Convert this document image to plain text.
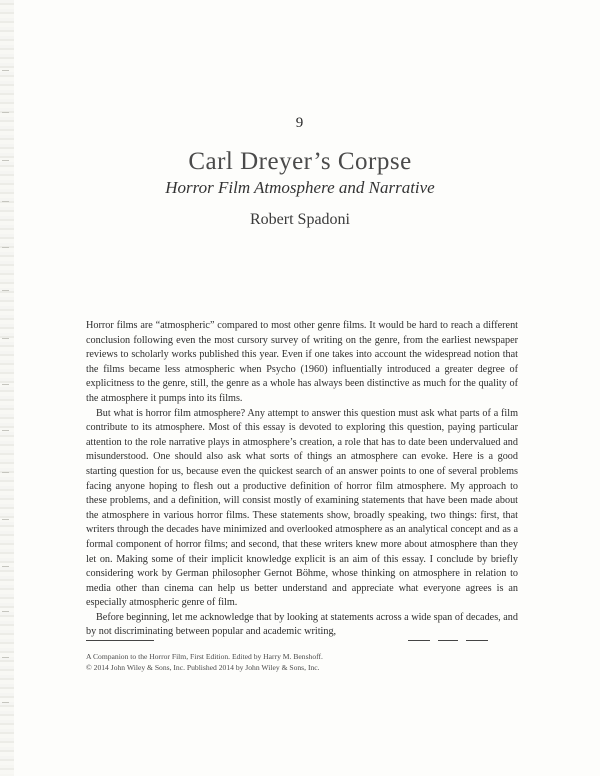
9
Carl Dreyer’s Corpse
Horror Film Atmosphere and Narrative
Robert Spadoni

Horror films are “atmospheric” compared to most other genre films. It would be hard to reach a different conclusion following even the most cursory survey of writing on the genre, from the earliest newspaper reviews to scholarly works published this year. Even if one takes into account the widespread notion that the films became less atmospheric when Psycho (1960) influentially introduced a greater degree of explicitness to the genre, still, the genre as a whole has always been distinctive as much for the quality of the atmosphere it pumps into its films.

But what is horror film atmosphere? Any attempt to answer this question must ask what parts of a film contribute to its atmosphere. Most of this essay is devoted to exploring this question, paying particular attention to the role narrative plays in atmosphere’s creation, a role that has to date been undervalued and misunderstood. One should also ask what sorts of things an atmosphere can evoke. Here is a good starting question for us, because even the quickest search of an answer points to one of several problems facing anyone hoping to flesh out a productive definition of horror film atmosphere. My approach to these problems, and a definition, will consist mostly of examining statements that have been made about the atmosphere in various horror films. These statements show, broadly speaking, two things: first, that writers through the decades have minimized and overlooked atmosphere as an analytical concept and as a formal component of horror films; and second, that these writers knew more about atmosphere than they let on. Making some of their implicit knowledge explicit is an aim of this essay. I conclude by briefly considering work by German philosopher Gernot Böhme, whose thinking on atmosphere in relation to media other than cinema can help us better understand and appreciate what everyone agrees is an especially atmospheric genre of film.

Before beginning, let me acknowledge that by looking at statements across a wide span of decades, and by not discriminating between popular and academic writing,

A Companion to the Horror Film, First Edition. Edited by Harry M. Benshoff.
© 2014 John Wiley & Sons, Inc. Published 2014 by John Wiley & Sons, Inc.
